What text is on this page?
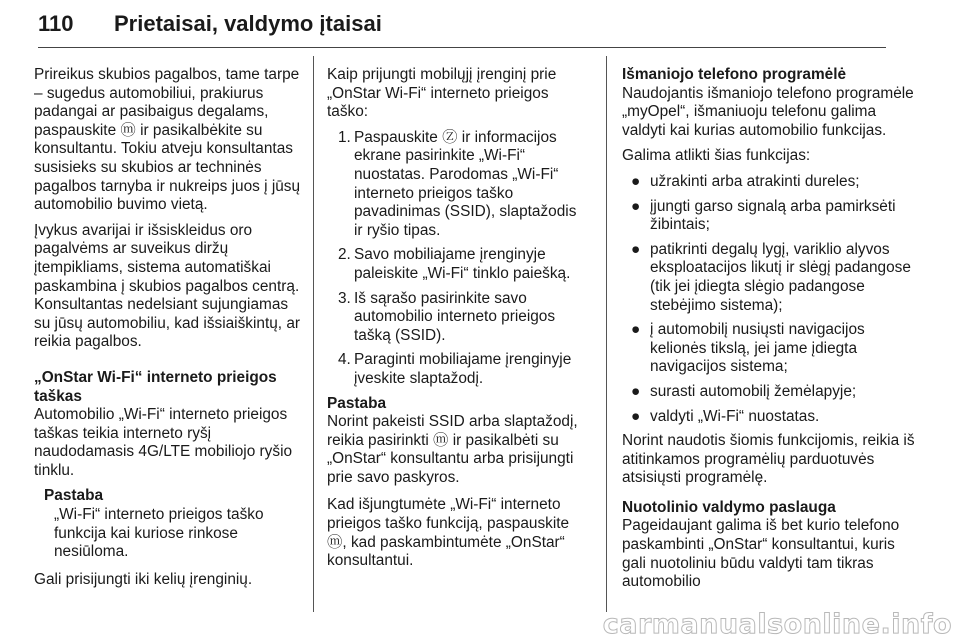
110 Prietaisai, valdymo įtaisai

Prireikus skubios pagalbos, tame tarpe – sugedus automobiliui, prakiurus padangai ar pasibaigus degalams, paspauskite ⓜ ir pasikalbėkite su konsultantu. Tokiu atveju konsultantas susisieks su skubios ar techninės pagalbos tarnyba ir nukreips juos į jūsų automobilio buvimo vietą.

Įvykus avarijai ir išsiskleidus oro pagalvėms ar suveikus diržų įtempikliams, sistema automatiškai paskambina į skubios pagalbos centrą. Konsultantas nedelsiant sujungiamas su jūsų automobiliu, kad išsiaiškintų, ar reikia pagalbos.

„OnStar Wi-Fi“ interneto prieigos taškas

Automobilio „Wi-Fi“ interneto prieigos taškas teikia interneto ryšį naudodamasis 4G/LTE mobiliojo ryšio tinklu.

Pastaba

„Wi-Fi“ interneto prieigos taško funkcija kai kuriose rinkose nesiūloma.

Gali prisijungti iki kelių įrenginių.

Kaip prijungti mobilųjį įrenginį prie „OnStar Wi-Fi“ interneto prieigos taško:

1. Paspauskite Ⓩ ir informacijos ekrane pasirinkite „Wi-Fi“ nuostatas. Parodomas „Wi-Fi“ interneto prieigos taško pavadinimas (SSID), slaptažodis ir ryšio tipas.
2. Savo mobiliajame įrenginyje paleiskite „Wi-Fi“ tinklo paiešką.
3. Iš sąrašo pasirinkite savo automobilio interneto prieigos tašką (SSID).
4. Paraginti mobiliajame įrenginyje įveskite slaptažodį.

Pastaba

Norint pakeisti SSID arba slaptažodį, reikia pasirinkti ⓜ ir pasikalbėti su „OnStar“ konsultantu arba prisijungti prie savo paskyros.

Kad išjungtumėte „Wi-Fi“ interneto prieigos taško funkciją, paspauskite ⓜ, kad paskambintumėte „OnStar“ konsultantui.

Išmaniojo telefono programėlė

Naudojantis išmaniojo telefono programėle „myOpel“, išmaniuoju telefonu galima valdyti kai kurias automobilio funkcijas.

Galima atlikti šias funkcijas:

● užrakinti arba atrakinti dureles;
● įjungti garso signalą arba pamirksėti žibintais;
● patikrinti degalų lygį, variklio alyvos eksploatacijos likutį ir slėgį padangose (tik jei įdiegta slėgio padangose stebėjimo sistema);
● į automobilį nusiųsti navigacijos kelionės tikslą, jei jame įdiegta navigacijos sistema;
● surasti automobilį žemėlapyje;
● valdyti „Wi-Fi“ nuostatas.

Norint naudotis šiomis funkcijomis, reikia iš atitinkamos programėlių parduotuvės atsisiųsti programėlę.

Nuotolinio valdymo paslauga

Pageidaujant galima iš bet kurio telefono paskambinti „OnStar“ konsultantui, kuris gali nuotoliniu būdu valdyti tam tikras automobilio

carmanualsonline.info
